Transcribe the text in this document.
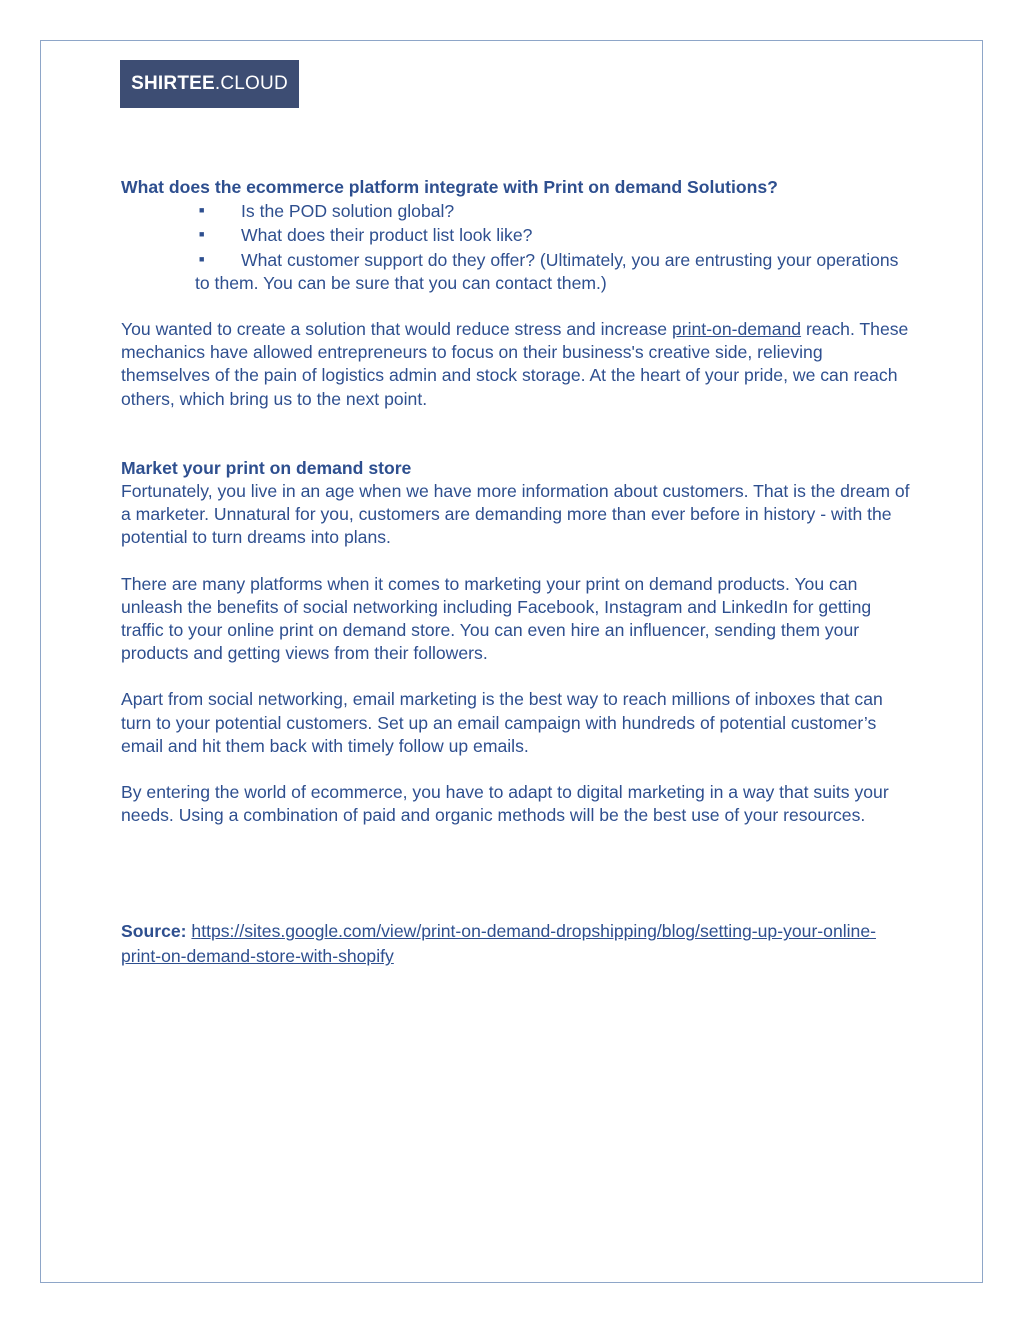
SHIRTEE .CLOUD

What does the ecommerce platform integrate with Print on demand Solutions?

■ Is the POD solution global?
■ What does their product list look like?
■ What customer support do they offer? (Ultimately, you are entrusting your operations to them. You can be sure that you can contact them.)

You wanted to create a solution that would reduce stress and increase print-on-demand reach. These mechanics have allowed entrepreneurs to focus on their business's creative side, relieving themselves of the pain of logistics admin and stock storage. At the heart of your pride, we can reach others, which bring us to the next point.

Market your print on demand store

Fortunately, you live in an age when we have more information about customers. That is the dream of a marketer. Unnatural for you, customers are demanding more than ever before in history - with the potential to turn dreams into plans.

There are many platforms when it comes to marketing your print on demand products. You can unleash the benefits of social networking including Facebook, Instagram and LinkedIn for getting traffic to your online print on demand store. You can even hire an influencer, sending them your products and getting views from their followers.

Apart from social networking, email marketing is the best way to reach millions of inboxes that can turn to your potential customers. Set up an email campaign with hundreds of potential customer’s email and hit them back with timely follow up emails.

By entering the world of ecommerce, you have to adapt to digital marketing in a way that suits your needs. Using a combination of paid and organic methods will be the best use of your resources.

Source: https://sites.google.com/view/print-on-demand-dropshipping/blog/setting-up-your-online-print-on-demand-store-with-shopify
